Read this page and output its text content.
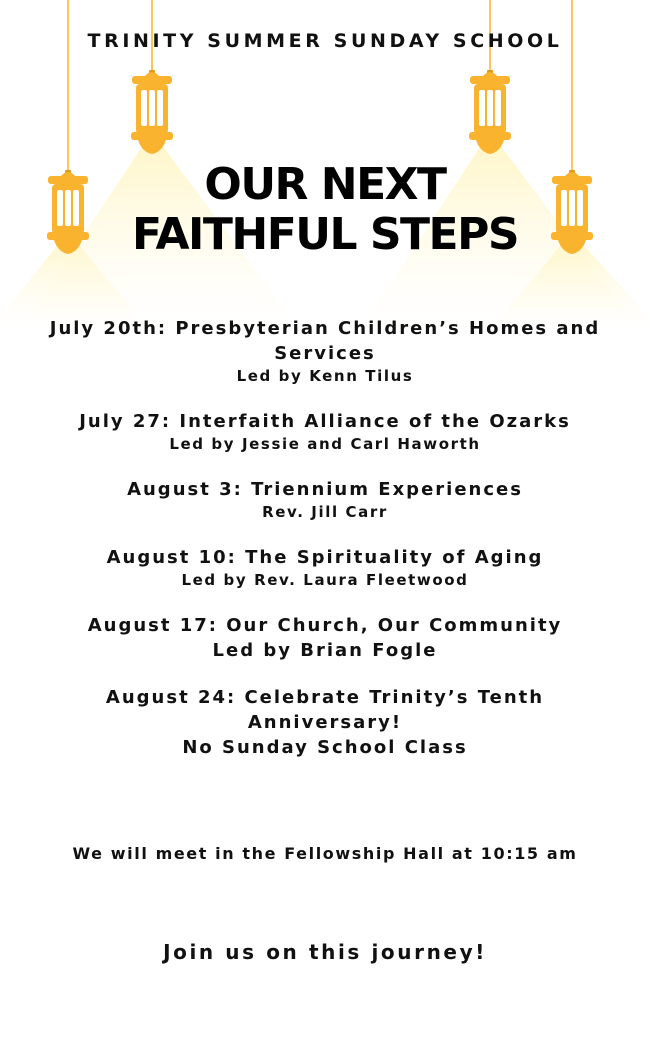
TRINITY SUMMER SUNDAY SCHOOL
OUR NEXT
FAITHFUL STEPS
July 20th: Presbyterian Children’s Homes and Services
Led by Kenn Tilus
July 27: Interfaith Alliance of the Ozarks
Led by Jessie and Carl Haworth
August 3: Triennium Experiences
Rev. Jill Carr
August 10: The Spirituality of Aging
Led by Rev. Laura Fleetwood
August 17: Our Church, Our Community
Led by Brian Fogle
August 24: Celebrate Trinity’s Tenth Anniversary!
No Sunday School Class
We will meet in the Fellowship Hall at 10:15 am
Join us on this journey!
